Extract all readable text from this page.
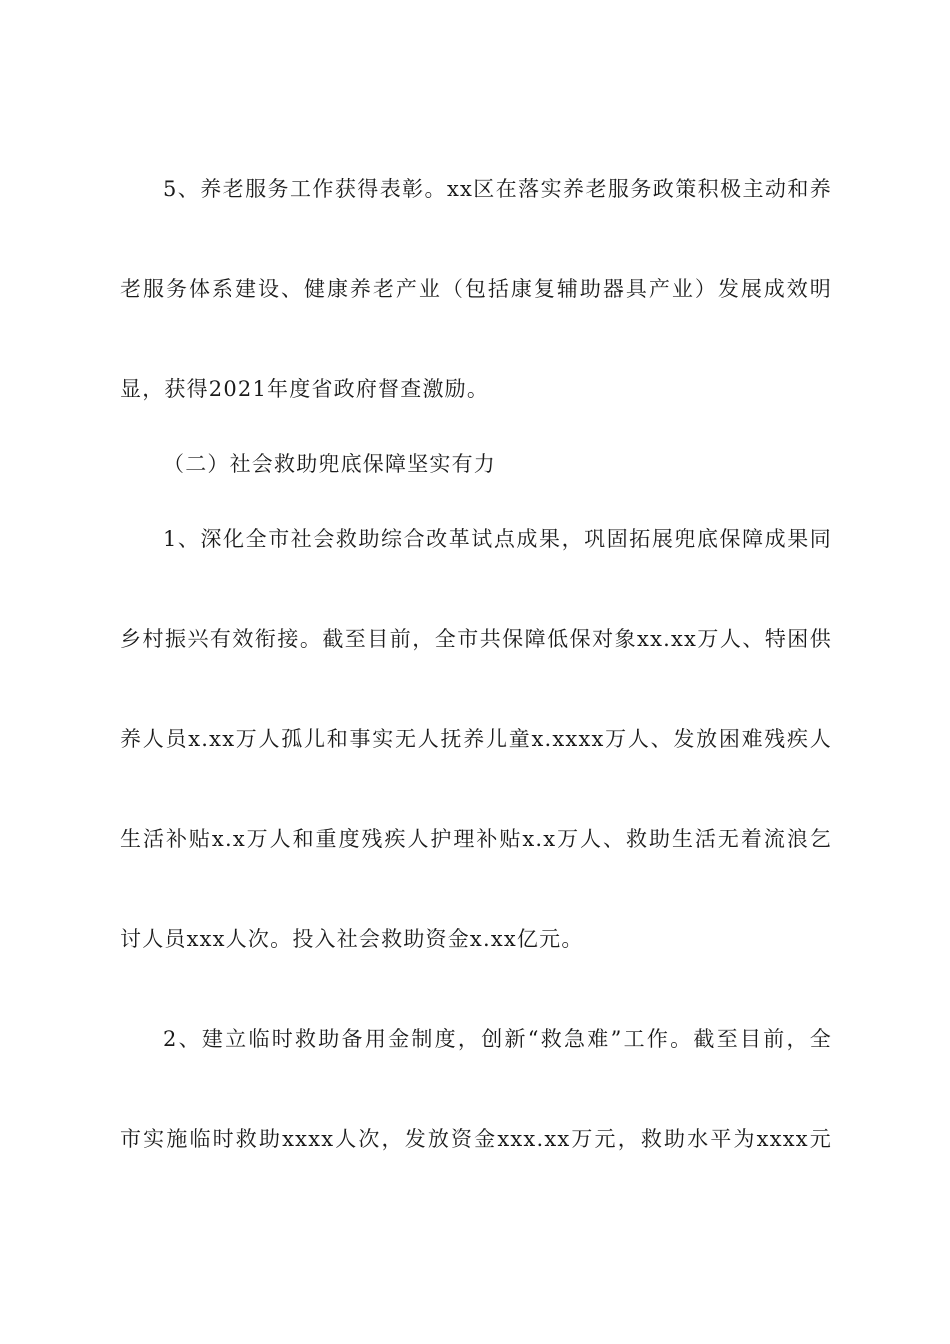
5、养老服务工作获得表彰。xx区在落实养老服务政策积极主动和养
老服务体系建设、健康养老产业（包括康复辅助器具产业）发展成效明
显，获得2021年度省政府督查激励。
（二）社会救助兜底保障坚实有力
1、深化全市社会救助综合改革试点成果，巩固拓展兜底保障成果同
乡村振兴有效衔接。截至目前，全市共保障低保对象xx.xx万人、特困供
养人员x.xx万人孤儿和事实无人抚养儿童x.xxxx万人、发放困难残疾人
生活补贴x.x万人和重度残疾人护理补贴x.x万人、救助生活无着流浪乞
讨人员xxx人次。投入社会救助资金x.xx亿元。
2、建立临时救助备用金制度，创新“救急难”工作。截至目前，全
市实施临时救助xxxx人次，发放资金xxx.xx万元，救助水平为xxxx元
